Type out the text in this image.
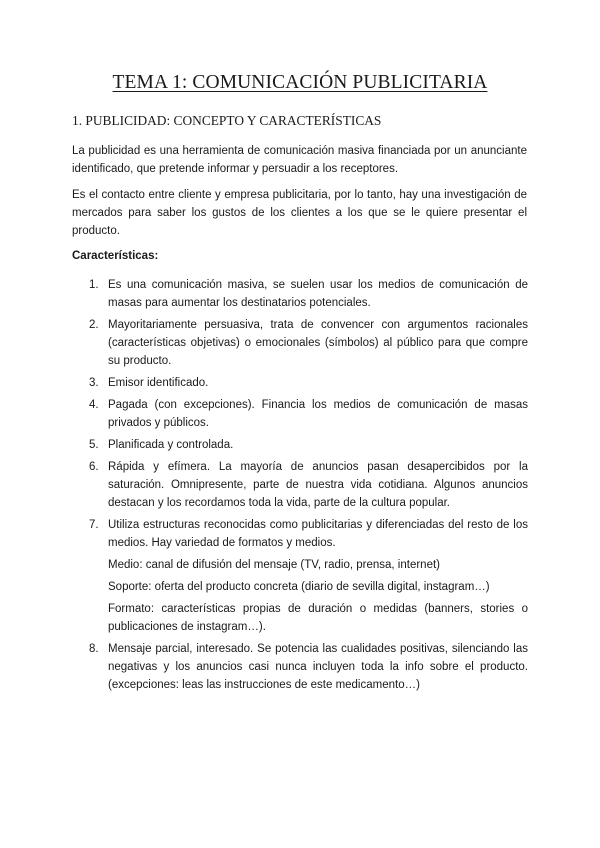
TEMA 1: COMUNICACIÓN PUBLICITARIA
1. PUBLICIDAD: CONCEPTO Y CARACTERÍSTICAS
La publicidad es una herramienta de comunicación masiva financiada por un anunciante identificado, que pretende informar y persuadir a los receptores.
Es el contacto entre cliente y empresa publicitaria, por lo tanto, hay una investigación de mercados para saber los gustos de los clientes a los que se le quiere presentar el producto.
Características:
1. Es una comunicación masiva, se suelen usar los medios de comunicación de masas para aumentar los destinatarios potenciales.
2. Mayoritariamente persuasiva, trata de convencer con argumentos racionales (características objetivas) o emocionales (símbolos) al público para que compre su producto.
3. Emisor identificado.
4. Pagada (con excepciones). Financia los medios de comunicación de masas privados y públicos.
5. Planificada y controlada.
6. Rápida y efímera. La mayoría de anuncios pasan desapercibidos por la saturación. Omnipresente, parte de nuestra vida cotidiana. Algunos anuncios destacan y los recordamos toda la vida, parte de la cultura popular.
7. Utiliza estructuras reconocidas como publicitarias y diferenciadas del resto de los medios. Hay variedad de formatos y medios.
Medio: canal de difusión del mensaje (TV, radio, prensa, internet)
Soporte: oferta del producto concreta (diario de sevilla digital, instagram…)
Formato: características propias de duración o medidas (banners, stories o publicaciones de instagram…).
8. Mensaje parcial, interesado. Se potencia las cualidades positivas, silenciando las negativas y los anuncios casi nunca incluyen toda la info sobre el producto. (excepciones: leas las instrucciones de este medicamento…)
